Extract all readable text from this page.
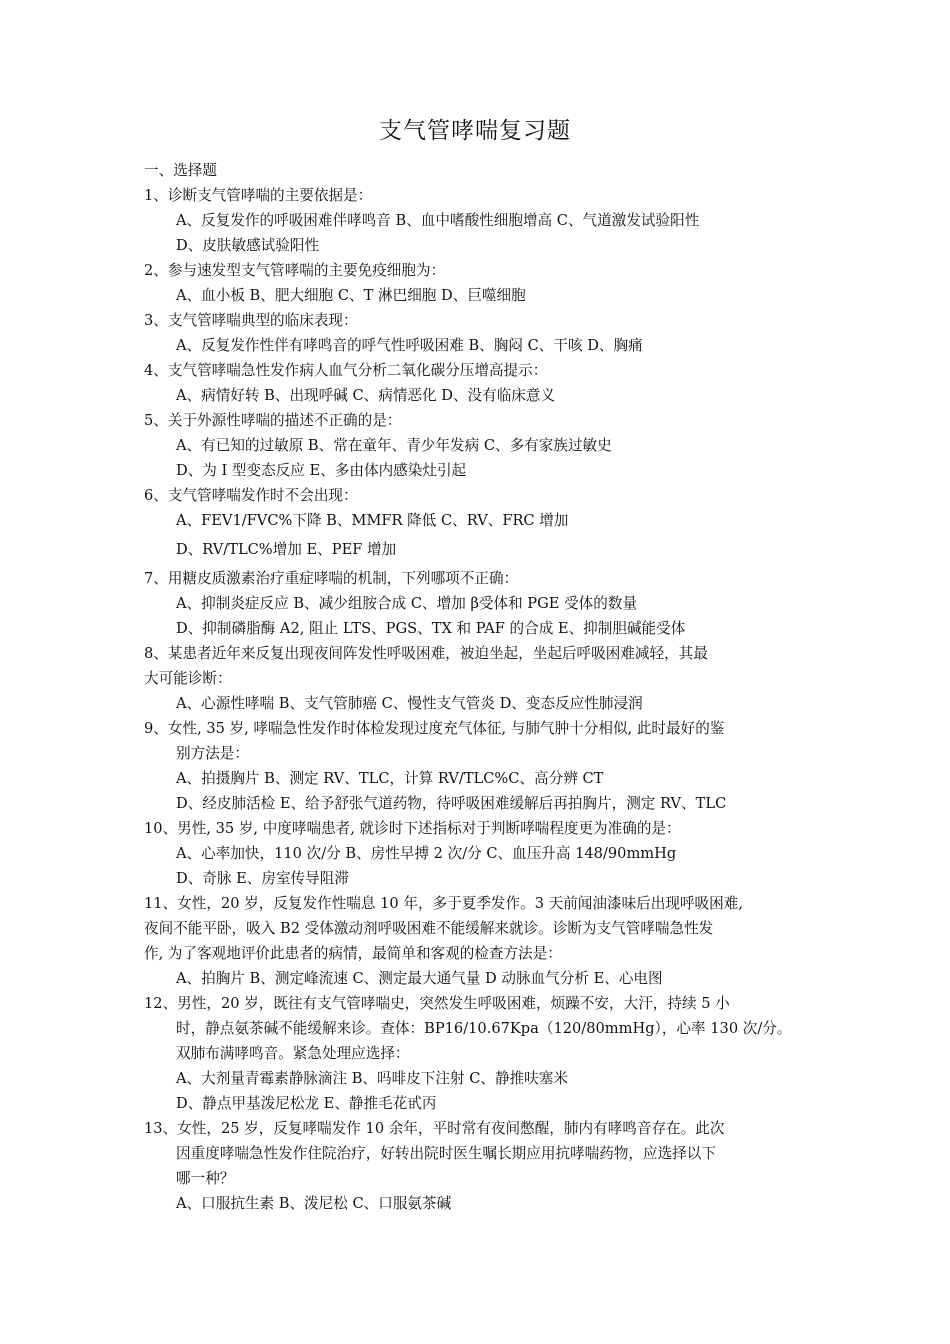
支气管哮喘复习题
一、选择题
1、诊断支气管哮喘的主要依据是：
A、反复发作的呼吸困难伴哮鸣音 B、血中嗜酸性细胞增高 C、气道激发试验阳性
D、皮肤敏感试验阳性
2、参与速发型支气管哮喘的主要免疫细胞为：
A、血小板 B、肥大细胞 C、T 淋巴细胞 D、巨噬细胞
3、支气管哮喘典型的临床表现：
A、反复发作性伴有哮鸣音的呼气性呼吸困难 B、胸闷 C、干咳 D、胸痛
4、支气管哮喘急性发作病人血气分析二氧化碳分压增高提示：
A、病情好转 B、出现呼碱 C、病情恶化 D、没有临床意义
5、关于外源性哮喘的描述不正确的是：
A、有已知的过敏原 B、常在童年、青少年发病 C、多有家族过敏史
D、为 I 型变态反应 E、多由体内感染灶引起
6、支气管哮喘发作时不会出现：
A、FEV1/FVC%下降 B、MMFR 降低 C、RV、FRC 增加
D、RV/TLC%增加 E、PEF 增加
7、用糖皮质激素治疗重症哮喘的机制，下列哪项不正确：
A、抑制炎症反应 B、减少组胺合成 C、增加 β受体和 PGE 受体的数量
D、抑制磷脂酶 A2, 阻止 LTS、PGS、TX 和 PAF 的合成 E、抑制胆碱能受体
8、某患者近年来反复出现夜间阵发性呼吸困难，被迫坐起，坐起后呼吸困难减轻，其最
大可能诊断：
A、心源性哮喘 B、支气管肺癌 C、慢性支气管炎 D、变态反应性肺浸润
9、女性, 35 岁, 哮喘急性发作时体检发现过度充气体征, 与肺气肿十分相似, 此时最好的鉴
别方法是：
A、拍摄胸片 B、测定 RV、TLC，计算 RV/TLC%C、高分辨 CT
D、经皮肺活检 E、给予舒张气道药物，待呼吸困难缓解后再拍胸片，测定 RV、TLC
10、男性, 35 岁, 中度哮喘患者, 就诊时下述指标对于判断哮喘程度更为准确的是：
A、心率加快，110 次/分 B、房性早搏 2 次/分 C、血压升高 148/90mmHg
D、奇脉 E、房室传导阻滞
11、女性，20 岁，反复发作性喘息 10 年，多于夏季发作。3 天前闻油漆味后出现呼吸困难,
夜间不能平卧，吸入 B2 受体激动剂呼吸困难不能缓解来就诊。诊断为支气管哮喘急性发
作, 为了客观地评价此患者的病情，最简单和客观的检查方法是：
A、拍胸片 B、测定峰流速 C、测定最大通气量 D 动脉血气分析 E、心电图
12、男性，20 岁，既往有支气管哮喘史，突然发生呼吸困难，烦躁不安，大汗，持续 5 小
时，静点氨茶碱不能缓解来诊。查体：BP16/10.67Kpa（120/80mmHg），心率 130 次/分。
双肺布满哮鸣音。紧急处理应选择：
A、大剂量青霉素静脉滴注 B、吗啡皮下注射 C、静推呋塞米
D、静点甲基泼尼松龙 E、静推毛花甙丙
13、女性，25 岁，反复哮喘发作 10 余年，平时常有夜间憋醒，肺内有哮鸣音存在。此次
因重度哮喘急性发作住院治疗，好转出院时医生嘱长期应用抗哮喘药物，应选择以下
哪一种？
A、口服抗生素 B、泼尼松 C、口服氨茶碱
